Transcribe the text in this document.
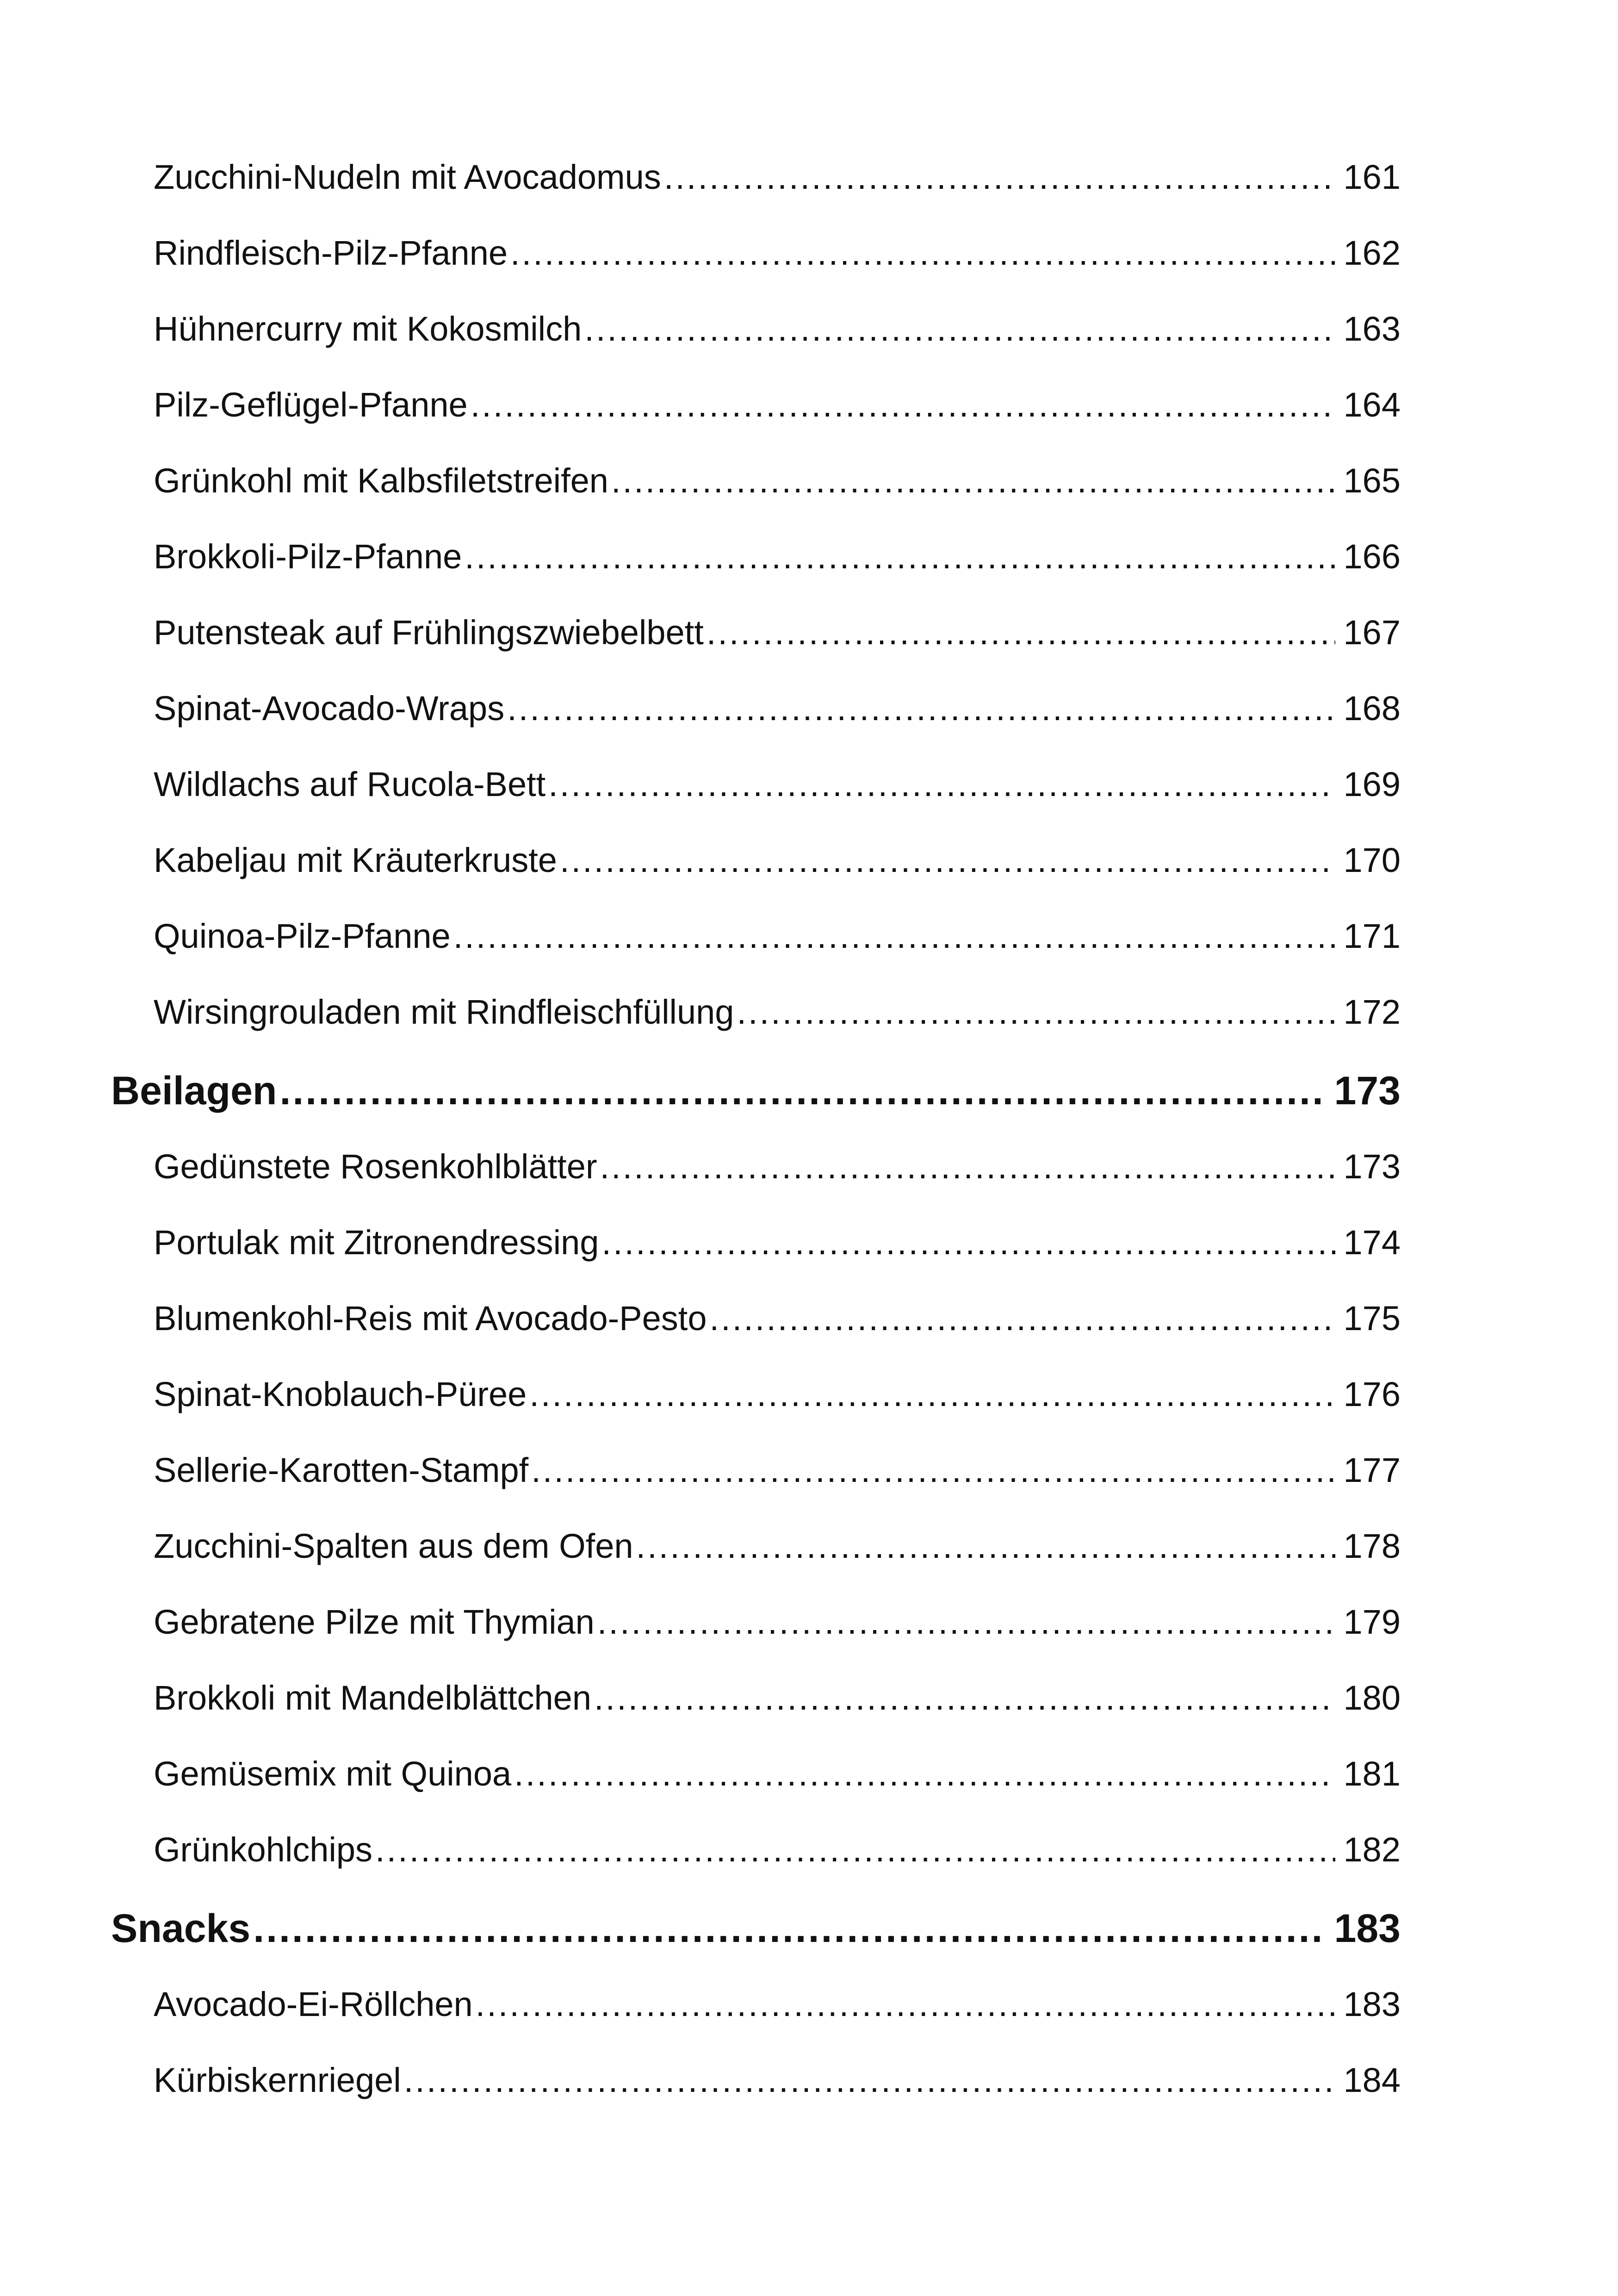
Zucchini-Nudeln mit Avocadomus .....	161
Rindfleisch-Pilz-Pfanne .....	162
Hühnercurry mit Kokosmilch .....	163
Pilz-Geflügel-Pfanne .....	164
Grünkohl mit Kalbsfiletstreifen .....	165
Brokkoli-Pilz-Pfanne .....	166
Putensteak auf Frühlingszwiebelbett .....	167
Spinat-Avocado-Wraps .....	168
Wildlachs auf Rucola-Bett .....	169
Kabeljau mit Kräuterkruste .....	170
Quinoa-Pilz-Pfanne .....	171
Wirsingrouladen mit Rindfleischfüllung .....	172
Beilagen .....	173
Gedünstete Rosenkohlblätter .....	173
Portulak mit Zitronendressing .....	174
Blumenkohl-Reis mit Avocado-Pesto .....	175
Spinat-Knoblauch-Püree .....	176
Sellerie-Karotten-Stampf .....	177
Zucchini-Spalten aus dem Ofen .....	178
Gebratene Pilze mit Thymian .....	179
Brokkoli mit Mandelblättchen .....	180
Gemüsemix mit Quinoa .....	181
Grünkohlchips .....	182
Snacks .....	183
Avocado-Ei-Röllchen .....	183
Kürbiskernriegel .....	184
